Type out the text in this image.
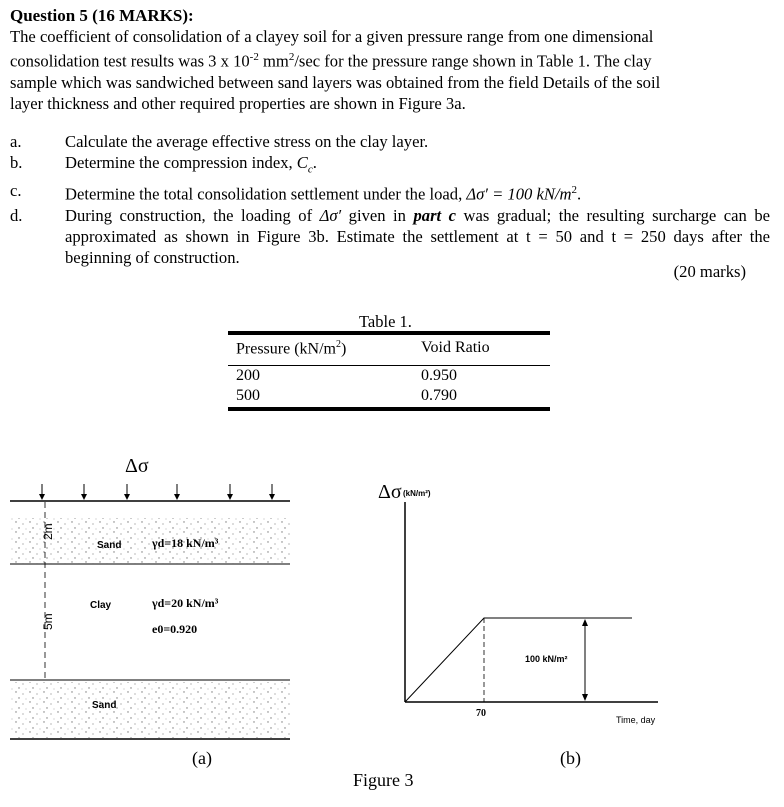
Question 5 (16 MARKS):
The coefficient of consolidation of a clayey soil for a given pressure range from one dimensional
consolidation test results was 3 x $10^{-2}$ $mm^2/\sec$ for the pressure range shown in Table 1. The clay
sample which was sandwiched between sand layers was obtained from the field Details of the soil
layer thickness and other required properties are shown in Figure 3a.
a.	Calculate the average effective stress on the clay layer.
b.	Determine the compression index, $C_c$.
c.	Determine the total consolidation settlement under the load, Δσ′ = 100 $kN/m^2$.
d.	During construction, the loading of Δσ′ given in part c was gradual; the resulting surcharge can be approximated as shown in Figure 3b. Estimate the settlement at t = 50 and t = 250 days after the beginning of construction.
(20 marks)
Table 1.
Pressure $(kN/m^2)$	Void Ratio
200	0.950
500	0.790
Δσ
2m
5m
Sand	γd=18 kN/m³
Clay	γd=20 kN/m³
e0=0.920
Sand
(a)
Δσ (kN/m²)
100 kN/m²
70
Time, day
(b)
Figure 3
